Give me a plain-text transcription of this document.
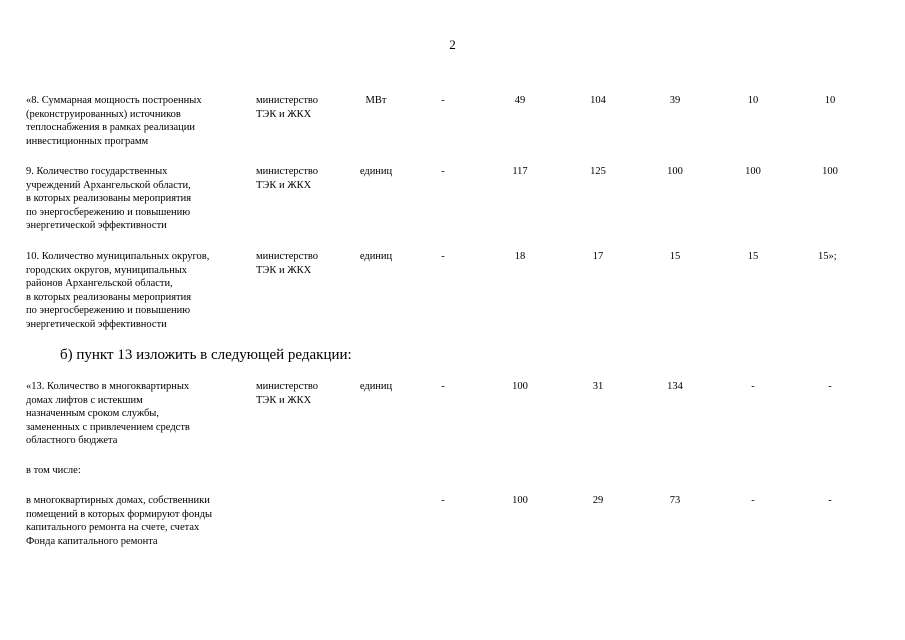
2
«8. Суммарная мощность построенных
(реконструированных) источников
теплоснабжения в рамках реализации
инвестиционных программ
министерство
ТЭК и ЖКХ
МВт	-	49	104	39	10	10
9. Количество государственных
учреждений Архангельской области,
в которых реализованы мероприятия
по энергосбережению и повышению
энергетической эффективности
министерство
ТЭК и ЖКХ
единиц	-	117	125	100	100	100
10. Количество муниципальных округов,
городских округов, муниципальных
районов Архангельской области,
в которых реализованы мероприятия
по энергосбережению и повышению
энергетической эффективности
министерство
ТЭК и ЖКХ
единиц	-	18	17	15	15	15»;
б) пункт 13 изложить в следующей редакции:
«13. Количество в многоквартирных
домах лифтов с истекшим
назначенным сроком службы,
замененных с привлечением средств
областного бюджета
министерство
ТЭК и ЖКХ
единиц	-	100	31	134	-	-
в том числе:
в многоквартирных домах, собственники
помещений в которых формируют фонды
капитального ремонта на счете, счетах
Фонда капитального ремонта
-	100	29	73	-	-
